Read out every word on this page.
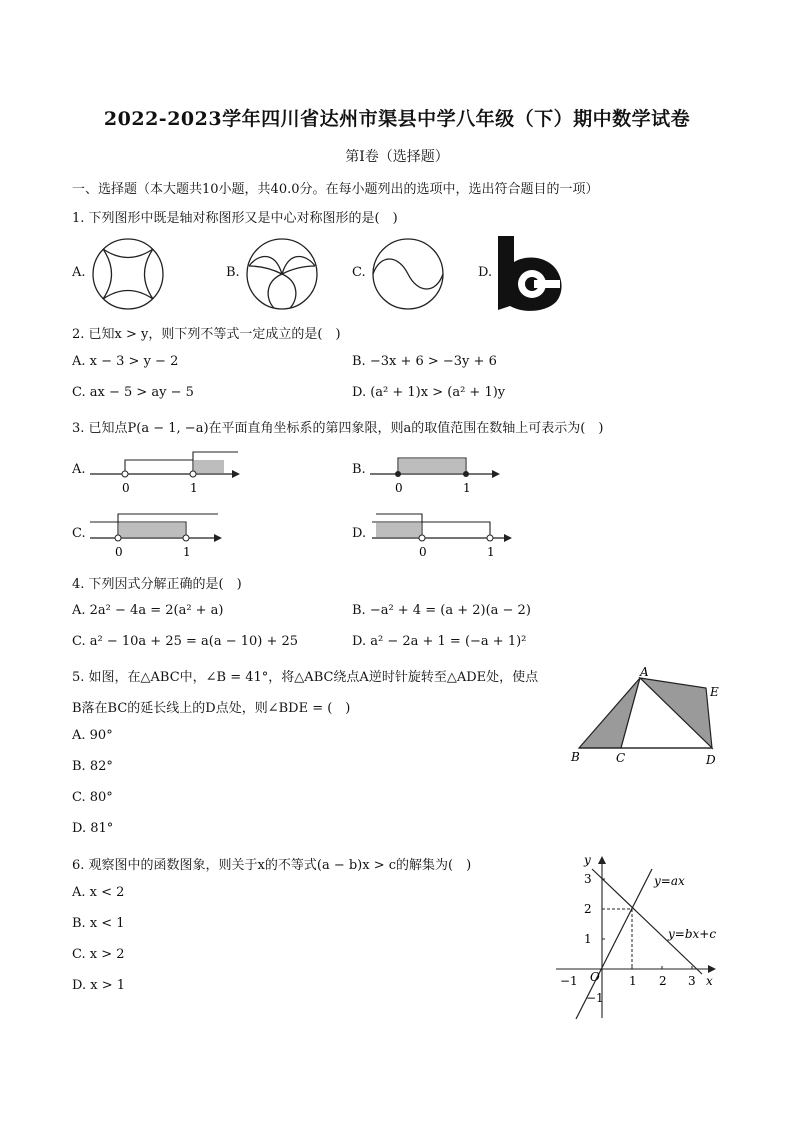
2022-2023学年四川省达州市渠县中学八年级（下）期中数学试卷
第I卷（选择题）
一、选择题（本大题共10小题，共40.0分。在每小题列出的选项中，选出符合题目的一项）
1. 下列图形中既是轴对称图形又是中心对称图形的是(　)
A.	B.	C.	D.
2. 已知x > y，则下列不等式一定成立的是(　)
A. x − 3 > y − 2	B. −3x + 6 > −3y + 6
C. ax − 5 > ay − 5	D. (a² + 1)x > (a² + 1)y
3. 已知点P(a − 1, −a)在平面直角坐标系的第四象限，则a的取值范围在数轴上可表示为(　)
A.
0	1
B.
0	1
C.
0	1
D.
0	1
4. 下列因式分解正确的是(　)
A. 2a² − 4a = 2(a² + a)	B. −a² + 4 = (a + 2)(a − 2)
C. a² − 10a + 25 = a(a − 10) + 25	D. a² − 2a + 1 = (−a + 1)²
5. 如图，在△ABC中，∠B = 41°，将△ABC绕点A逆时针旋转至△ADE处，使点
B落在BC的延长线上的D点处，则∠BDE = (　)
A. 90°
B. 82°
C. 80°
D. 81°
A
B	C	D
E
6. 观察图中的函数图象，则关于x的不等式(a − b)x > c的解集为(　)
A. x < 2
B. x < 1
C. x > 2
D. x > 1
y
x
O
y=ax
y=bx+c
3
2
1
−1
−1	1 2 3
